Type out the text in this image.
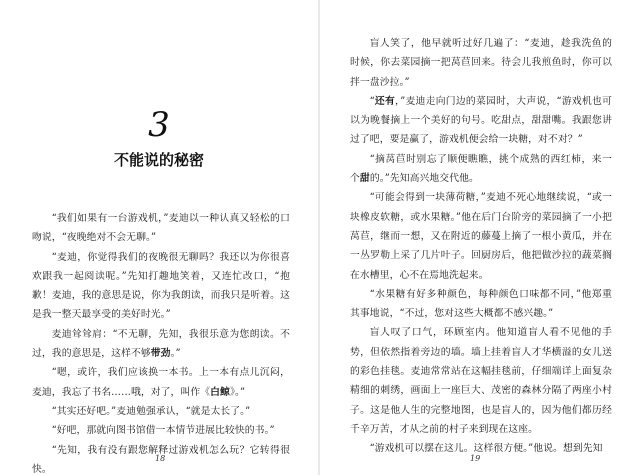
3
不能说的秘密

“我们如果有一台游戏机，”麦迪以一种认真又轻松的口吻说，“夜晚绝对不会无聊。”

“麦迪，你觉得我们的夜晚很无聊吗？我还以为你很喜欢跟我一起阅读呢。”先知打趣地笑着，又连忙改口，“抱歉！麦迪，我的意思是说，你为我朗读，而我只是听着。这是我一整天最享受的美好时光。”

麦迪耸耸肩：“不无聊，先知，我很乐意为您朗读。不过，我的意思是，这样不够带劲。”

“嗯，或许，我们应该换一本书。上一本有点儿沉闷，麦迪，我忘了书名……哦，对了，叫作《白鲸》。”

“其实还好吧。”麦迪勉强承认，“就是太长了。”

“好吧，那就向图书馆借一本情节进展比较快的书。”

“先知，我有没有跟您解释过游戏机怎么玩？它转得很快。

18

盲人笑了，他早就听过好几遍了：“麦迪，趁我洗鱼的时候，你去菜园摘一把莴苣回来。待会儿我煎鱼时，你可以拌一盘沙拉。”

“还有，”麦迪走向门边的菜园时，大声说，“游戏机也可以为晚餐摘上一个美好的句号。吃甜点，甜甜嘴。我跟您讲过了吧，要是赢了，游戏机便会给一块糖，对不对？”

“摘莴苣时别忘了顺便瞧瞧，挑个成熟的西红柿，来一个甜的。”先知高兴地交代他。

“可能会得到一块薄荷糖，”麦迪不死心地继续说，“或一块橡皮软糖，或水果糖。”他在后门台阶旁的菜园摘了一小把莴苣，继而一想，又在附近的藤蔓上摘了一根小黄瓜，并在一丛罗勒上采了几片叶子。回厨房后，他把做沙拉的蔬菜搁在水槽里，心不在焉地洗起来。

“水果糖有好多种颜色，每种颜色口味都不同，”他郑重其事地说，“不过，您对这些大概都不感兴趣。”

盲人叹了口气，环顾室内。他知道盲人看不见他的手势，但依然指着旁边的墙。墙上挂着盲人才华横溢的女儿送的彩色挂毯。麦迪常常站在这幅挂毯前，仔细端详上面复杂精细的刺绣，画面上一座巨大、茂密的森林分隔了两座小村子。这是他人生的完整地图，也是盲人的，因为他们都历经千辛万苦，才从之前的村子来到现在这座。

“游戏机可以摆在这儿。这样很方便。”他说。想到先知

19
